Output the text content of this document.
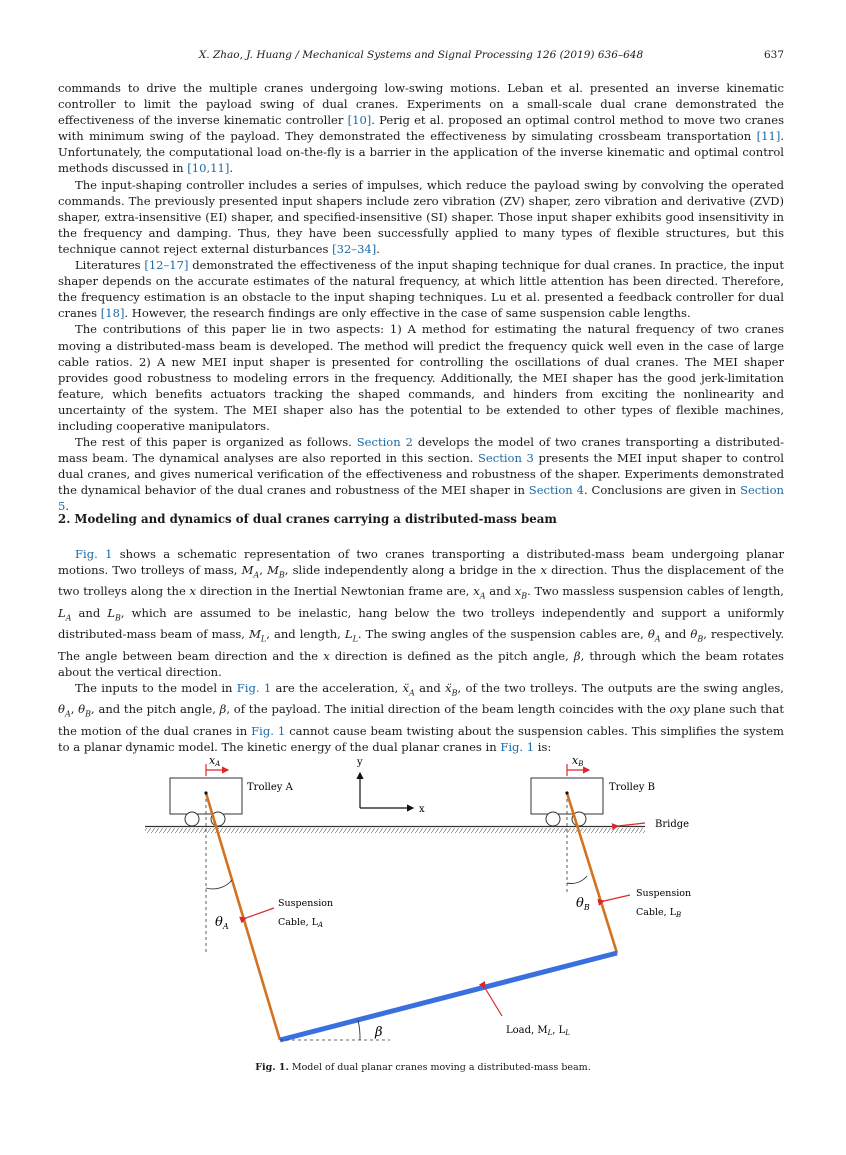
X. Zhao, J. Huang / Mechanical Systems and Signal Processing 126 (2019) 636–648	637

commands to drive the multiple cranes undergoing low-swing motions. Leban et al. presented an inverse kinematic controller to limit the payload swing of dual cranes. Experiments on a small-scale dual crane demonstrated the effectiveness of the inverse kinematic controller [10]. Perig et al. proposed an optimal control method to move two cranes with minimum swing of the payload. They demonstrated the effectiveness by simulating crossbeam transportation [11]. Unfortunately, the computational load on-the-fly is a barrier in the application of the inverse kinematic and optimal control methods discussed in [10,11].

The input-shaping controller includes a series of impulses, which reduce the payload swing by convolving the operated commands. The previously presented input shapers include zero vibration (ZV) shaper, zero vibration and derivative (ZVD) shaper, extra-insensitive (EI) shaper, and specified-insensitive (SI) shaper. Those input shaper exhibits good insensitivity in the frequency and damping. Thus, they have been successfully applied to many types of flexible structures, but this technique cannot reject external disturbances [32–34].

Literatures [12–17] demonstrated the effectiveness of the input shaping technique for dual cranes. In practice, the input shaper depends on the accurate estimates of the natural frequency, at which little attention has been directed. Therefore, the frequency estimation is an obstacle to the input shaping techniques. Lu et al. presented a feedback controller for dual cranes [18]. However, the research findings are only effective in the case of same suspension cable lengths.

The contributions of this paper lie in two aspects: 1) A method for estimating the natural frequency of two cranes moving a distributed-mass beam is developed. The method will predict the frequency quick well even in the case of large cable ratios. 2) A new MEI input shaper is presented for controlling the oscillations of dual cranes. The MEI shaper provides good robustness to modeling errors in the frequency. Additionally, the MEI shaper has the good jerk-limitation feature, which benefits actuators tracking the shaped commands, and hinders from exciting the nonlinearity and uncertainty of the system. The MEI shaper also has the potential to be extended to other types of flexible machines, including cooperative manipulators.

The rest of this paper is organized as follows. Section 2 develops the model of two cranes transporting a distributed-mass beam. The dynamical analyses are also reported in this section. Section 3 presents the MEI input shaper to control dual cranes, and gives numerical verification of the effectiveness and robustness of the shaper. Experiments demonstrated the dynamical behavior of the dual cranes and robustness of the MEI shaper in Section 4. Conclusions are given in Section 5.

2. Modeling and dynamics of dual cranes carrying a distributed-mass beam

Fig. 1 shows a schematic representation of two cranes transporting a distributed-mass beam undergoing planar motions. Two trolleys of mass, $M_A$, $M_B$, slide independently along a bridge in the x direction. Thus the displacement of the two trolleys along the x direction in the Inertial Newtonian frame are, $x_A$ and $x_B$. Two massless suspension cables of length, $L_A$ and $L_B$, which are assumed to be inelastic, hang below the two trolleys independently and support a uniformly distributed-mass beam of mass, $M_L$, and length, $L_L$. The swing angles of the suspension cables are, $\theta_A$ and $\theta_B$, respectively. The angle between beam direction and the x direction is defined as the pitch angle, β, through which the beam rotates about the vertical direction.

The inputs to the model in Fig. 1 are the acceleration, ẍ$_A$ and ẍ$_B$, of the two trolleys. The outputs are the swing angles, $\theta_A$, $\theta_B$, and the pitch angle, β, of the payload. The initial direction of the beam length coincides with the oxy plane such that the motion of the dual cranes in Fig. 1 cannot cause beam twisting about the suspension cables. This simplifies the system to a planar dynamic model. The kinetic energy of the dual planar cranes in Fig. 1 is:

xA
Trolley A
y
x
xB
Trolley B
Bridge
$\theta_A$
$\theta_B$
Suspension
Cable, $L_A$
Suspension
Cable, $L_B$
β	Load, $M_L$, $L_L$
Fig. 1. Model of dual planar cranes moving a distributed-mass beam.
